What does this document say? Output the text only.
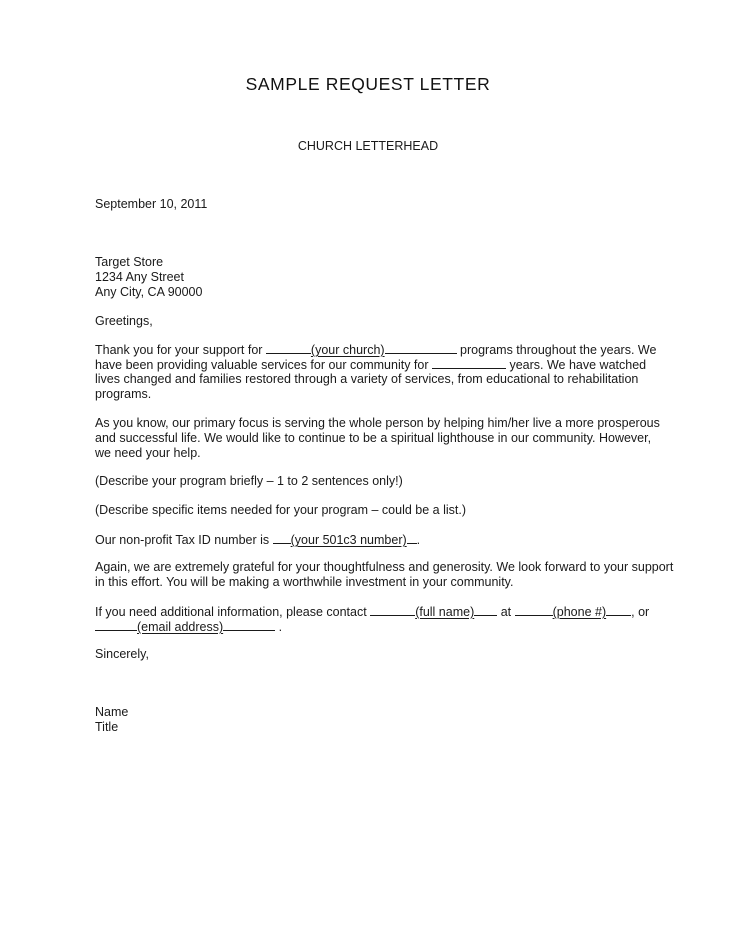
SAMPLE REQUEST LETTER
CHURCH LETTERHEAD
September 10, 2011
Target Store
1234 Any Street
Any City, CA 90000
Greetings,
Thank you for your support for	(your church)	programs throughout the years. We
have been providing valuable services for our community for	years. We have watched
lives changed and families restored through a variety of services, from educational to rehabilitation
programs.
As you know, our primary focus is serving the whole person by helping him/her live a more prosperous
and successful life. We would like to continue to be a spiritual lighthouse in our community. However,
we need your help.
(Describe your program briefly – 1 to 2 sentences only!)
(Describe specific items needed for your program – could be a list.)
Our non-profit Tax ID number is (your 501c3 number) .
Again, we are extremely grateful for your thoughtfulness and generosity. We look forward to your support
in this effort. You will be making a worthwhile investment in your community.
If you need additional information, please contact	(full name) at	(phone #) , or
(email address)	.
Sincerely,
Name
Title
